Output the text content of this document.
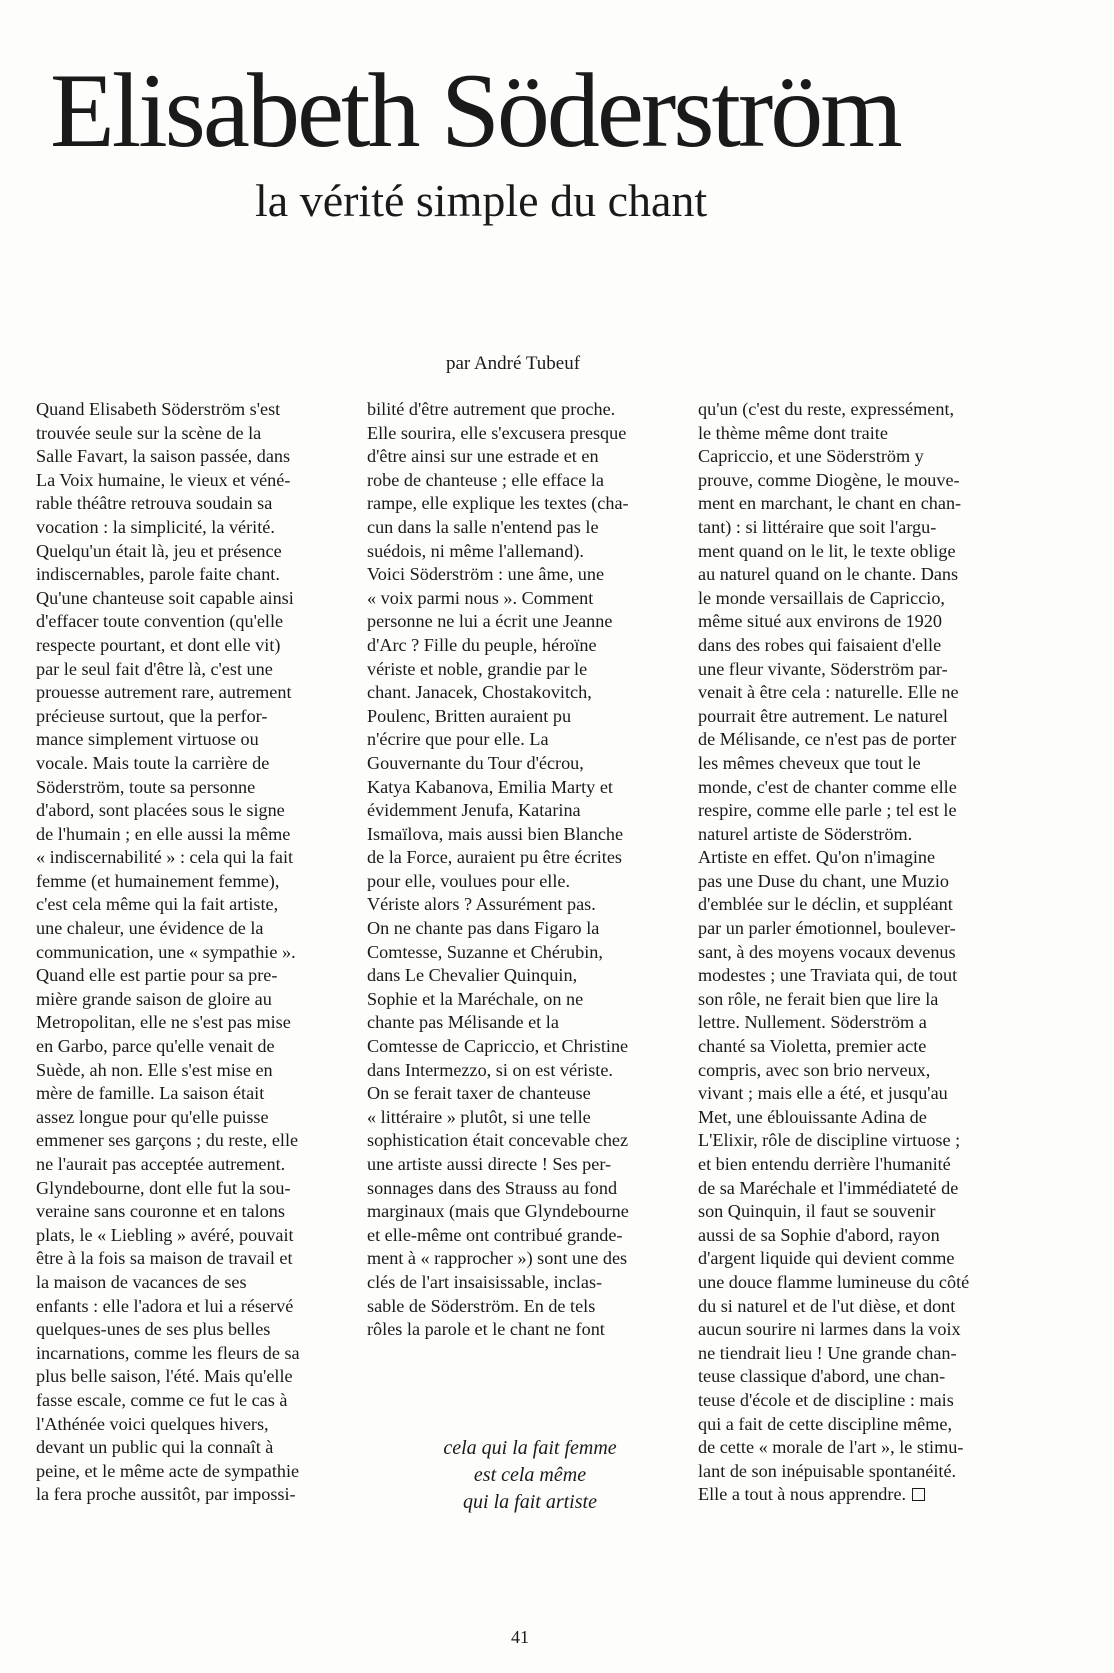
Elisabeth Söderström
la vérité simple du chant
par André Tubeuf
Quand Elisabeth Söderström s'est
trouvée seule sur la scène de la
Salle Favart, la saison passée, dans
La Voix humaine, le vieux et véné-
rable théâtre retrouva soudain sa
vocation : la simplicité, la vérité.
Quelqu'un était là, jeu et présence
indiscernables, parole faite chant.
Qu'une chanteuse soit capable ainsi
d'effacer toute convention (qu'elle
respecte pourtant, et dont elle vit)
par le seul fait d'être là, c'est une
prouesse autrement rare, autrement
précieuse surtout, que la perfor-
mance simplement virtuose ou
vocale. Mais toute la carrière de
Söderström, toute sa personne
d'abord, sont placées sous le signe
de l'humain ; en elle aussi la même
« indiscernabilité » : cela qui la fait
femme (et humainement femme),
c'est cela même qui la fait artiste,
une chaleur, une évidence de la
communication, une « sympathie ».
Quand elle est partie pour sa pre-
mière grande saison de gloire au
Metropolitan, elle ne s'est pas mise
en Garbo, parce qu'elle venait de
Suède, ah non. Elle s'est mise en
mère de famille. La saison était
assez longue pour qu'elle puisse
emmener ses garçons ; du reste, elle
ne l'aurait pas acceptée autrement.
Glyndebourne, dont elle fut la sou-
veraine sans couronne et en talons
plats, le « Liebling » avéré, pouvait
être à la fois sa maison de travail et
la maison de vacances de ses
enfants : elle l'adora et lui a réservé
quelques-unes de ses plus belles
incarnations, comme les fleurs de sa
plus belle saison, l'été. Mais qu'elle
fasse escale, comme ce fut le cas à
l'Athénée voici quelques hivers,
devant un public qui la connaît à
peine, et le même acte de sympathie
la fera proche aussitôt, par impossi-
bilité d'être autrement que proche.
Elle sourira, elle s'excusera presque
d'être ainsi sur une estrade et en
robe de chanteuse ; elle efface la
rampe, elle explique les textes (cha-
cun dans la salle n'entend pas le
suédois, ni même l'allemand).
Voici Söderström : une âme, une
« voix parmi nous ». Comment
personne ne lui a écrit une Jeanne
d'Arc ? Fille du peuple, héroïne
vériste et noble, grandie par le
chant. Janacek, Chostakovitch,
Poulenc, Britten auraient pu
n'écrire que pour elle. La
Gouvernante du Tour d'écrou,
Katya Kabanova, Emilia Marty et
évidemment Jenufa, Katarina
Ismaïlova, mais aussi bien Blanche
de la Force, auraient pu être écrites
pour elle, voulues pour elle.
Vériste alors ? Assurément pas.
On ne chante pas dans Figaro la
Comtesse, Suzanne et Chérubin,
dans Le Chevalier Quinquin,
Sophie et la Maréchale, on ne
chante pas Mélisande et la
Comtesse de Capriccio, et Christine
dans Intermezzo, si on est vériste.
On se ferait taxer de chanteuse
« littéraire » plutôt, si une telle
sophistication était concevable chez
une artiste aussi directe ! Ses per-
sonnages dans des Strauss au fond
marginaux (mais que Glyndebourne
et elle-même ont contribué grande-
ment à « rapprocher ») sont une des
clés de l'art insaisissable, inclas-
sable de Söderström. En de tels
rôles la parole et le chant ne font
qu'un (c'est du reste, expressément,
le thème même dont traite
Capriccio, et une Söderström y
prouve, comme Diogène, le mouve-
ment en marchant, le chant en chan-
tant) : si littéraire que soit l'argu-
ment quand on le lit, le texte oblige
au naturel quand on le chante. Dans
le monde versaillais de Capriccio,
même situé aux environs de 1920
dans des robes qui faisaient d'elle
une fleur vivante, Söderström par-
venait à être cela : naturelle. Elle ne
pourrait être autrement. Le naturel
de Mélisande, ce n'est pas de porter
les mêmes cheveux que tout le
monde, c'est de chanter comme elle
respire, comme elle parle ; tel est le
naturel artiste de Söderström.
Artiste en effet. Qu'on n'imagine
pas une Duse du chant, une Muzio
d'emblée sur le déclin, et suppléant
par un parler émotionnel, boulever-
sant, à des moyens vocaux devenus
modestes ; une Traviata qui, de tout
son rôle, ne ferait bien que lire la
lettre. Nullement. Söderström a
chanté sa Violetta, premier acte
compris, avec son brio nerveux,
vivant ; mais elle a été, et jusqu'au
Met, une éblouissante Adina de
L'Elixir, rôle de discipline virtuose ;
et bien entendu derrière l'humanité
de sa Maréchale et l'immédiateté de
son Quinquin, il faut se souvenir
aussi de sa Sophie d'abord, rayon
d'argent liquide qui devient comme
une douce flamme lumineuse du côté
du si naturel et de l'ut dièse, et dont
aucun sourire ni larmes dans la voix
ne tiendrait lieu ! Une grande chan-
teuse classique d'abord, une chan-
teuse d'école et de discipline : mais
qui a fait de cette discipline même,
de cette « morale de l'art », le stimu-
lant de son inépuisable spontanéité.
Elle a tout à nous apprendre.
cela qui la fait femme
est cela même
qui la fait artiste
41
